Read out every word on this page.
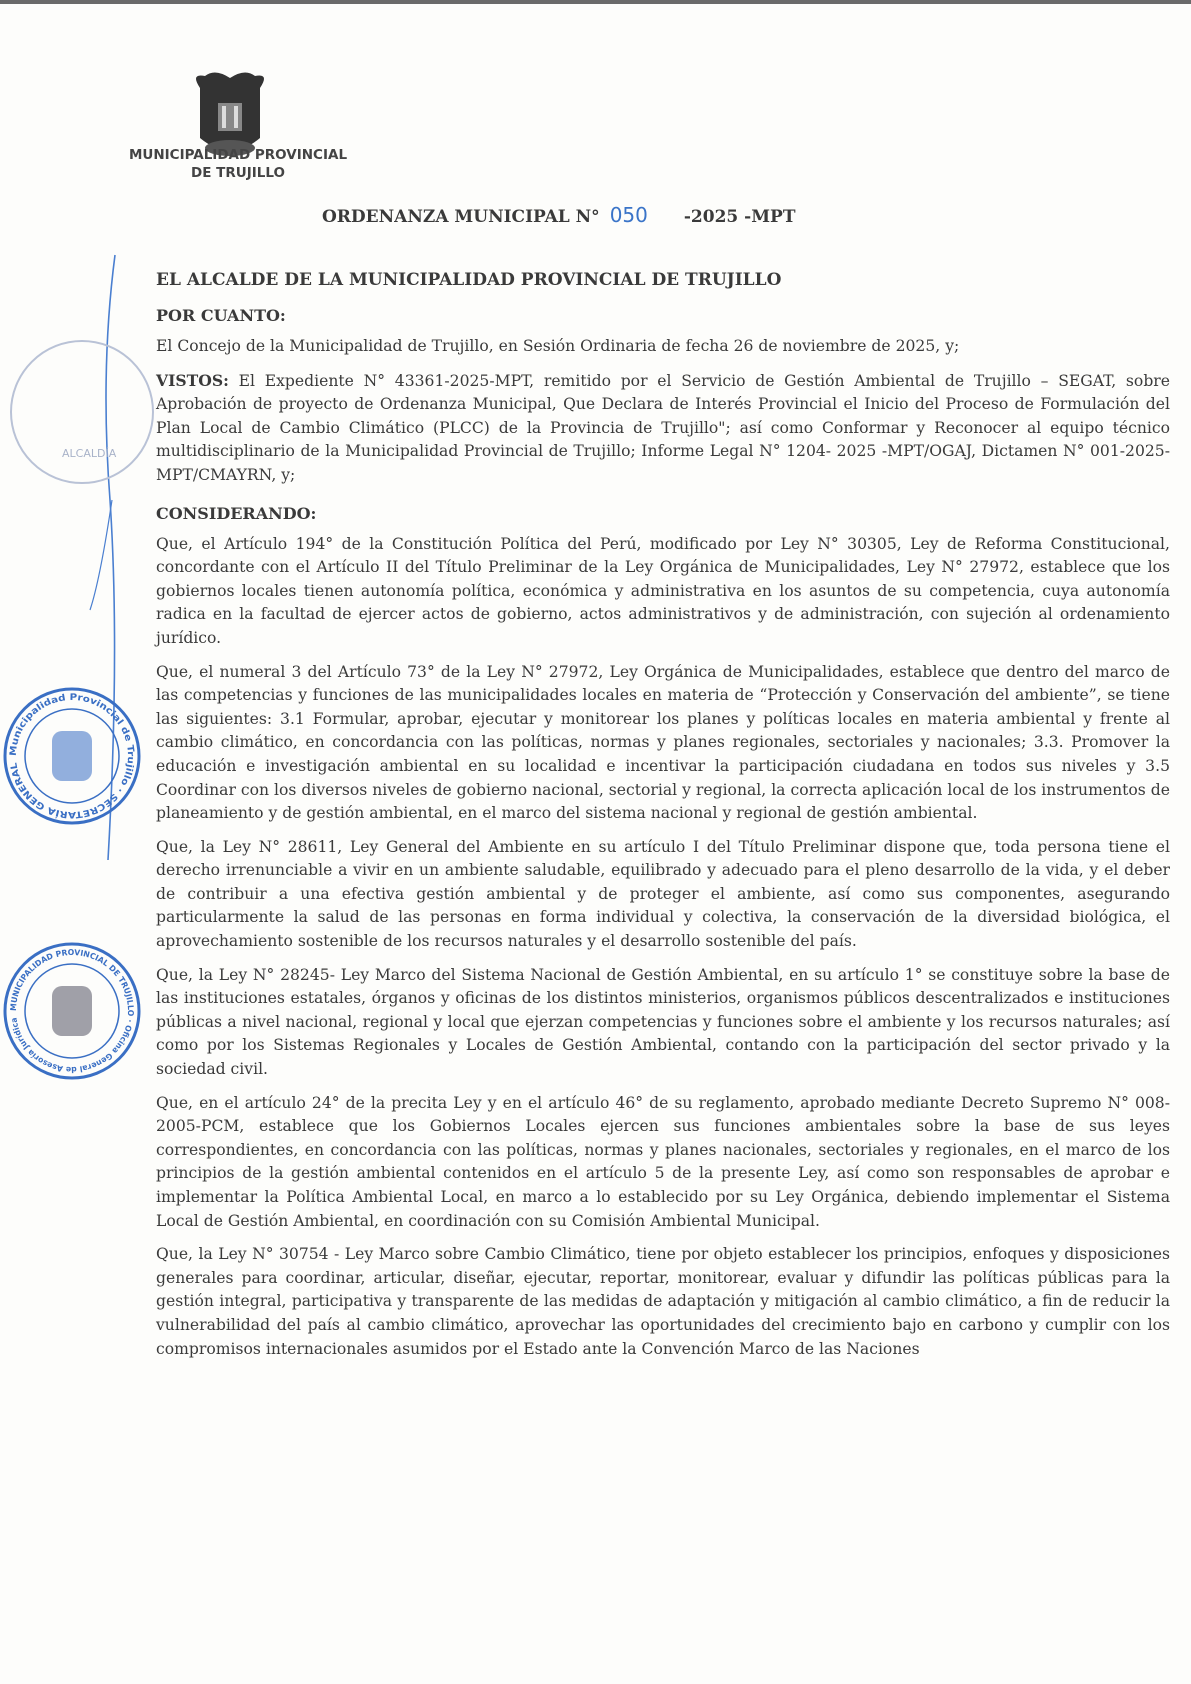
MUNICIPALIDAD PROVINCIAL
DE TRUJILLO
ORDENANZA MUNICIPAL N° 050 -2025 -MPT
ALCALDÍA
Municipalidad Provincial de Trujillo · SECRETARÍA GENERAL
MUNICIPALIDAD PROVINCIAL DE TRUJILLO · Oficina General de Asesoría Jurídica
EL ALCALDE DE LA MUNICIPALIDAD PROVINCIAL DE TRUJILLO
POR CUANTO:

El Concejo de la Municipalidad de Trujillo, en Sesión Ordinaria de fecha 26 de noviembre de 2025, y;

VISTOS: El Expediente N° 43361-2025-MPT, remitido por el Servicio de Gestión Ambiental de Trujillo – SEGAT, sobre Aprobación de proyecto de Ordenanza Municipal, Que Declara de Interés Provincial el Inicio del Proceso de Formulación del Plan Local de Cambio Climático (PLCC) de la Provincia de Trujillo"; así como Conformar y Reconocer al equipo técnico multidisciplinario de la Municipalidad Provincial de Trujillo; Informe Legal N° 1204- 2025 -MPT/OGAJ, Dictamen N° 001-2025-MPT/CMAYRN, y;

CONSIDERANDO:

Que, el Artículo 194° de la Constitución Política del Perú, modificado por Ley N° 30305, Ley de Reforma Constitucional, concordante con el Artículo II del Título Preliminar de la Ley Orgánica de Municipalidades, Ley N° 27972, establece que los gobiernos locales tienen autonomía política, económica y administrativa en los asuntos de su competencia, cuya autonomía radica en la facultad de ejercer actos de gobierno, actos administrativos y de administración, con sujeción al ordenamiento jurídico.

Que, el numeral 3 del Artículo 73° de la Ley N° 27972, Ley Orgánica de Municipalidades, establece que dentro del marco de las competencias y funciones de las municipalidades locales en materia de “Protección y Conservación del ambiente”, se tiene las siguientes: 3.1 Formular, aprobar, ejecutar y monitorear los planes y políticas locales en materia ambiental y frente al cambio climático, en concordancia con las políticas, normas y planes regionales, sectoriales y nacionales; 3.3. Promover la educación e investigación ambiental en su localidad e incentivar la participación ciudadana en todos sus niveles y 3.5 Coordinar con los diversos niveles de gobierno nacional, sectorial y regional, la correcta aplicación local de los instrumentos de planeamiento y de gestión ambiental, en el marco del sistema nacional y regional de gestión ambiental.

Que, la Ley N° 28611, Ley General del Ambiente en su artículo I del Título Preliminar dispone que, toda persona tiene el derecho irrenunciable a vivir en un ambiente saludable, equilibrado y adecuado para el pleno desarrollo de la vida, y el deber de contribuir a una efectiva gestión ambiental y de proteger el ambiente, así como sus componentes, asegurando particularmente la salud de las personas en forma individual y colectiva, la conservación de la diversidad biológica, el aprovechamiento sostenible de los recursos naturales y el desarrollo sostenible del país.

Que, la Ley N° 28245- Ley Marco del Sistema Nacional de Gestión Ambiental, en su artículo 1° se constituye sobre la base de las instituciones estatales, órganos y oficinas de los distintos ministerios, organismos públicos descentralizados e instituciones públicas a nivel nacional, regional y local que ejerzan competencias y funciones sobre el ambiente y los recursos naturales; así como por los Sistemas Regionales y Locales de Gestión Ambiental, contando con la participación del sector privado y la sociedad civil.

Que, en el artículo 24° de la precita Ley y en el artículo 46° de su reglamento, aprobado mediante Decreto Supremo N° 008- 2005-PCM, establece que los Gobiernos Locales ejercen sus funciones ambientales sobre la base de sus leyes correspondientes, en concordancia con las políticas, normas y planes nacionales, sectoriales y regionales, en el marco de los principios de la gestión ambiental contenidos en el artículo 5 de la presente Ley, así como son responsables de aprobar e implementar la Política Ambiental Local, en marco a lo establecido por su Ley Orgánica, debiendo implementar el Sistema Local de Gestión Ambiental, en coordinación con su Comisión Ambiental Municipal.

Que, la Ley N° 30754 - Ley Marco sobre Cambio Climático, tiene por objeto establecer los principios, enfoques y disposiciones generales para coordinar, articular, diseñar, ejecutar, reportar, monitorear, evaluar y difundir las políticas públicas para la gestión integral, participativa y transparente de las medidas de adaptación y mitigación al cambio climático, a fin de reducir la vulnerabilidad del país al cambio climático, aprovechar las oportunidades del crecimiento bajo en carbono y cumplir con los compromisos internacionales asumidos por el Estado ante la Convención Marco de las Naciones
